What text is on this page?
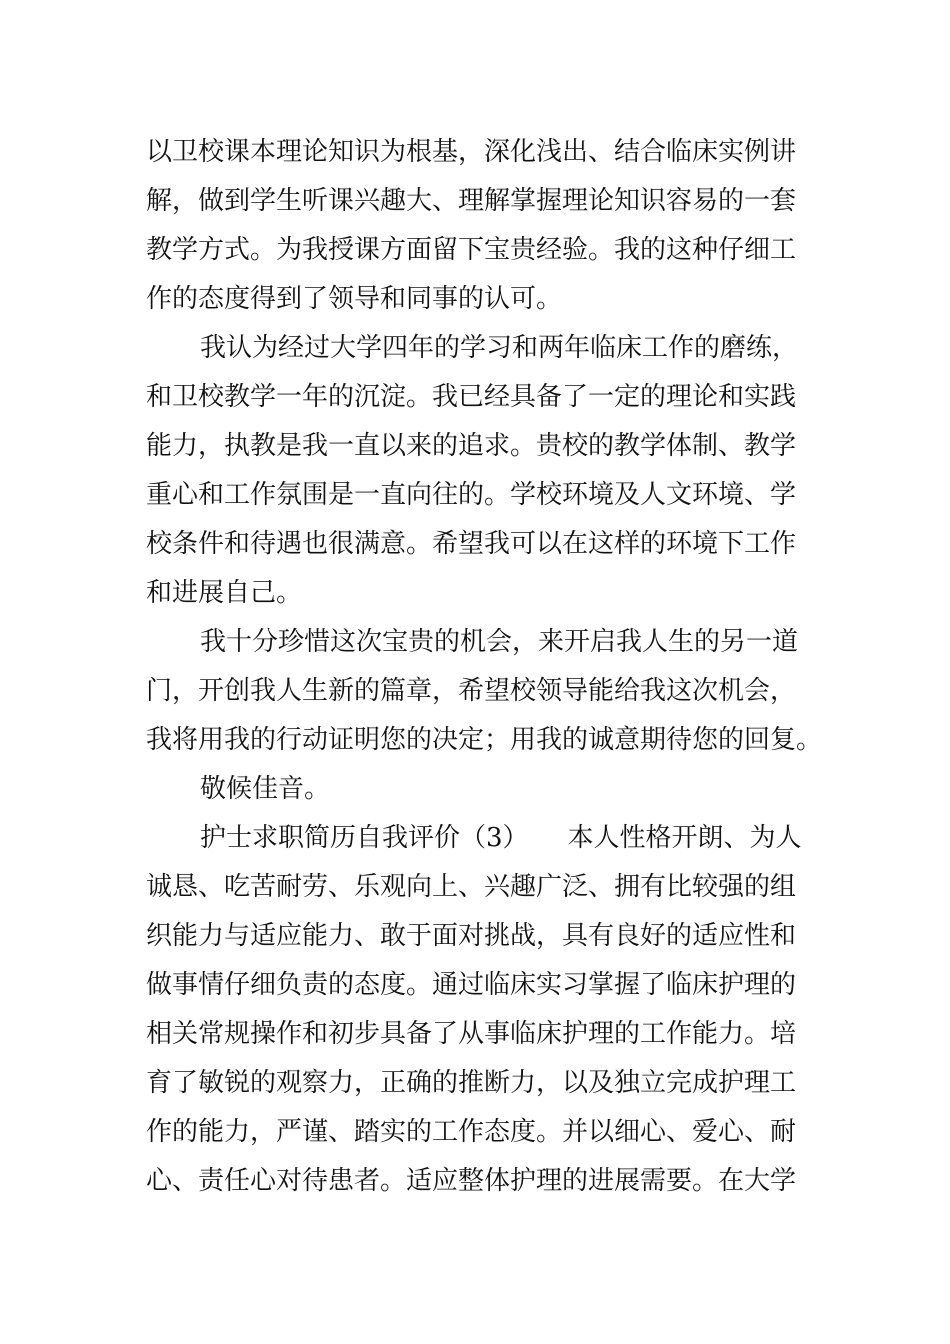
以卫校课本理论知识为根基，深化浅出、结合临床实例讲
解，做到学生听课兴趣大、理解掌握理论知识容易的一套
教学方式。为我授课方面留下宝贵经验。我的这种仔细工
作的态度得到了领导和同事的认可。
我认为经过大学四年的学习和两年临床工作的磨练，
和卫校教学一年的沉淀。我已经具备了一定的理论和实践
能力，执教是我一直以来的追求。贵校的教学体制、教学
重心和工作氛围是一直向往的。学校环境及人文环境、学
校条件和待遇也很满意。希望我可以在这样的环境下工作
和进展自己。
我十分珍惜这次宝贵的机会，来开启我人生的另一道
门，开创我人生新的篇章，希望校领导能给我这次机会，
我将用我的行动证明您的决定；用我的诚意期待您的回复。
敬候佳音。
护士求职简历自我评价（3）　　本人性格开朗、为人
诚恳、吃苦耐劳、乐观向上、兴趣广泛、拥有比较强的组
织能力与适应能力、敢于面对挑战，具有良好的适应性和
做事情仔细负责的态度。通过临床实习掌握了临床护理的
相关常规操作和初步具备了从事临床护理的工作能力。培
育了敏锐的观察力，正确的推断力，以及独立完成护理工
作的能力，严谨、踏实的工作态度。并以细心、爱心、耐
心、责任心对待患者。适应整体护理的进展需要。在大学
